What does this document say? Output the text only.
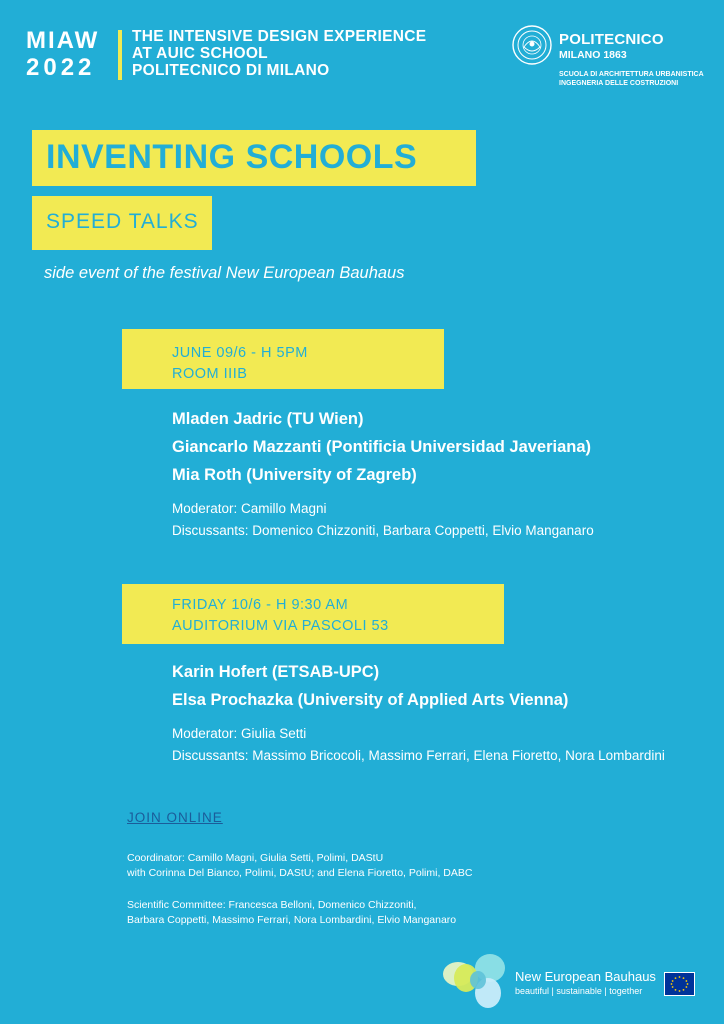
MIAW
2022
THE INTENSIVE DESIGN EXPERIENCE
AT AUIC SCHOOL
POLITECNICO DI MILANO
POLITECNICO
MILANO 1863
SCUOLA DI ARCHITETTURA URBANISTICA
INGEGNERIA DELLE COSTRUZIONI
INVENTING SCHOOLS
SPEED TALKS
side event of the festival New European Bauhaus
JUNE 09/6 - H 5PM
ROOM IIIB
Mladen Jadric (TU Wien)
Giancarlo Mazzanti (Pontificia Universidad Javeriana)
Mia Roth (University of Zagreb)
Moderator: Camillo Magni
Discussants: Domenico Chizzoniti, Barbara Coppetti, Elvio Manganaro
FRIDAY 10/6 - H 9:30 AM
AUDITORIUM VIA PASCOLI 53
Karin Hofert (ETSAB-UPC)
Elsa Prochazka (University of Applied Arts Vienna)
Moderator: Giulia Setti
Discussants: Massimo Bricocoli, Massimo Ferrari, Elena Fioretto, Nora Lombardini
JOIN ONLINE
Coordinator: Camillo Magni, Giulia Setti, Polimi, DAStU
with Corinna Del Bianco, Polimi, DAStU; and Elena Fioretto, Polimi, DABC
Scientific Committee: Francesca Belloni, Domenico Chizzoniti,
Barbara Coppetti, Massimo Ferrari, Nora Lombardini, Elvio Manganaro
New European Bauhaus
beautiful | sustainable | together
